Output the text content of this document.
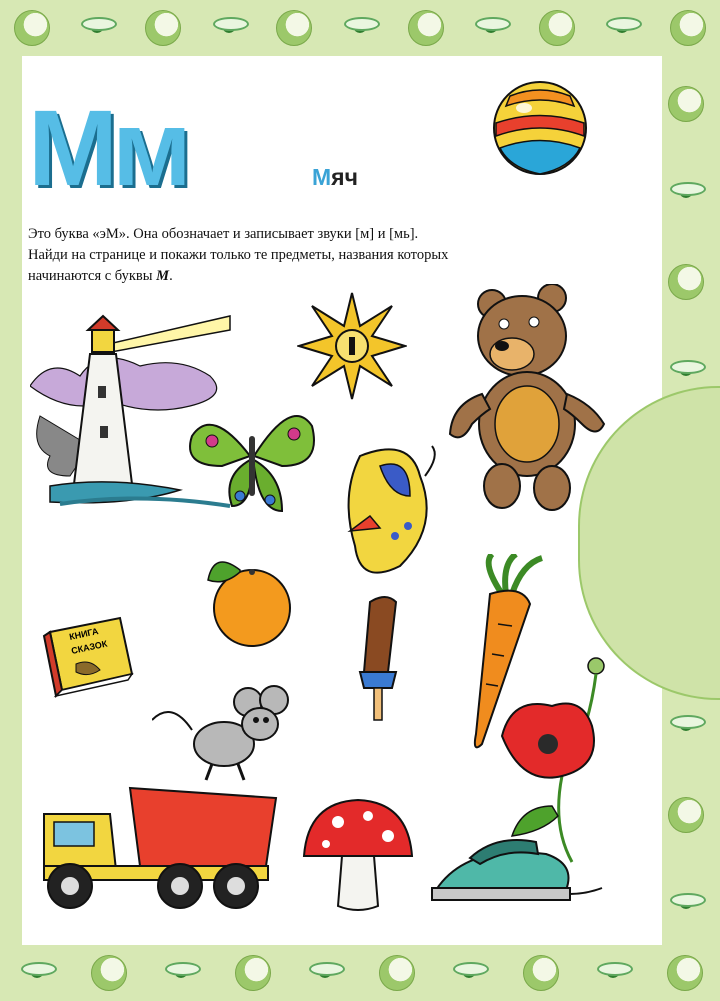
Мм	Мяч
Это буква «эМ». Она обозначает и записывает звуки [м] и [мь].
Найди на странице и покажи только те предметы, названия которых
начинаются с буквы М.
КНИГА
СКАЗОК
